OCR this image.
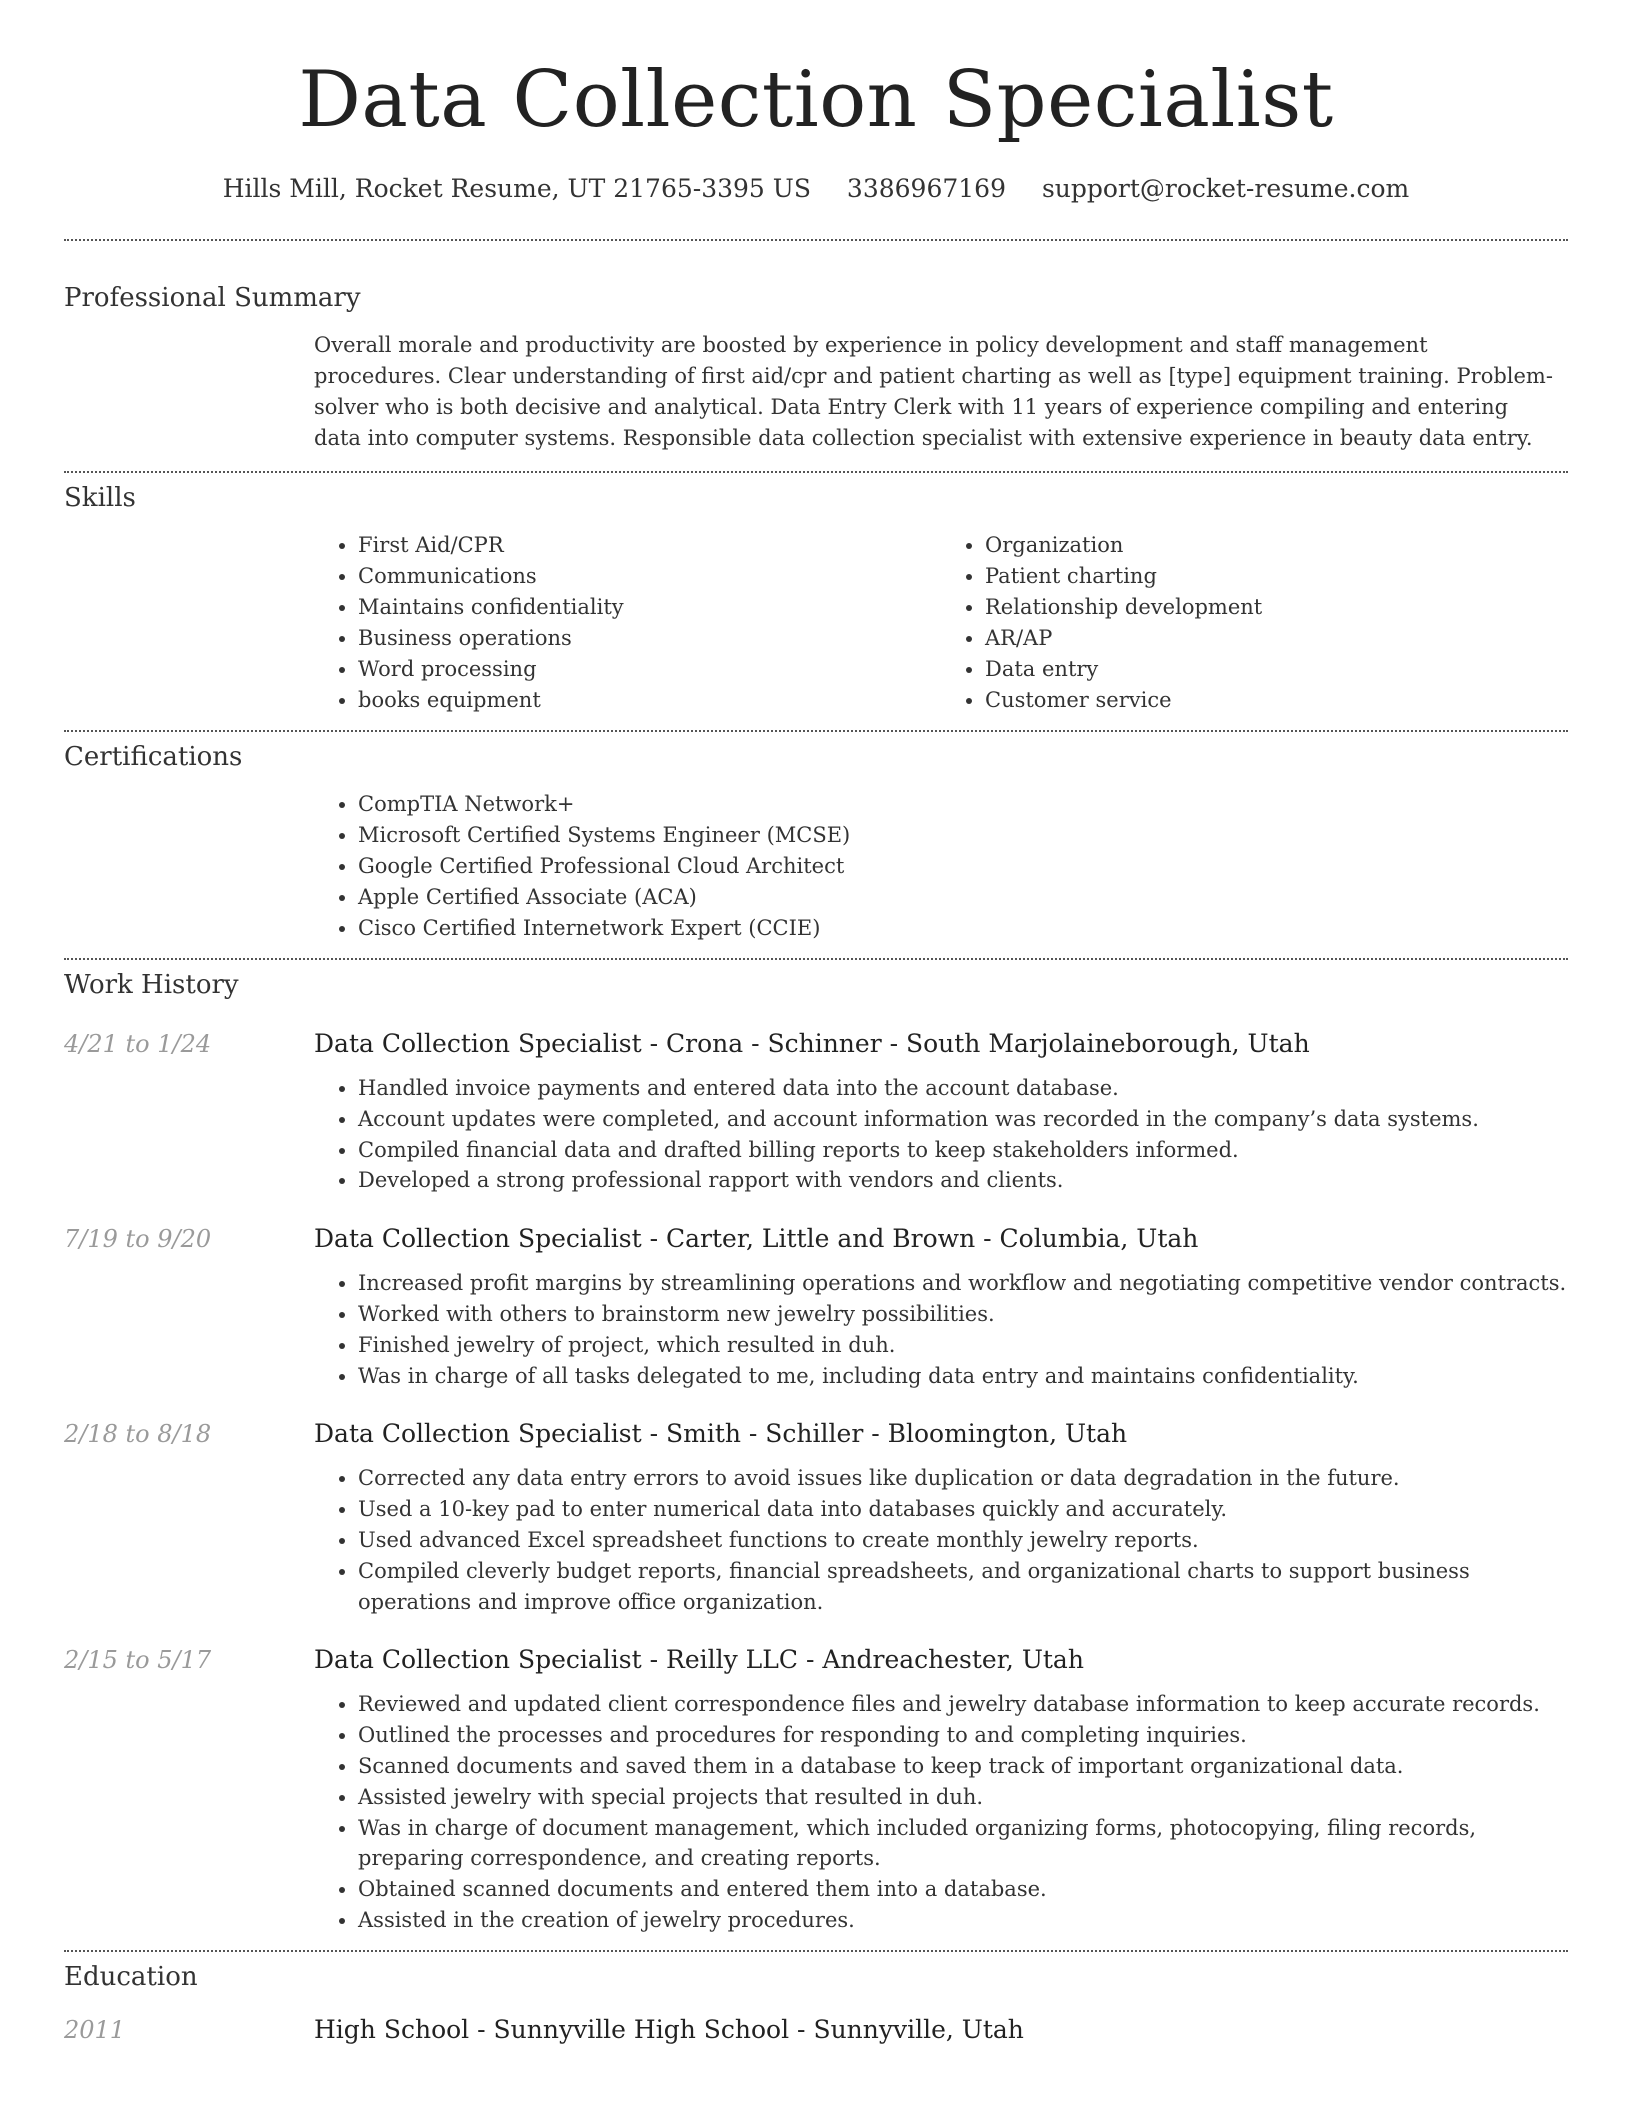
Data Collection Specialist
Hills Mill, Rocket Resume, UT 21765-3395 US 3386967169 support@rocket-resume.com
Professional Summary
Overall morale and productivity are boosted by experience in policy development and staff management procedures. Clear understanding of first aid/cpr and patient charting as well as [type] equipment training. Problem-solver who is both decisive and analytical. Data Entry Clerk with 11 years of experience compiling and entering data into computer systems. Responsible data collection specialist with extensive experience in beauty data entry.
Skills
• First Aid/CPR
• Communications
• Maintains confidentiality
• Business operations
• Word processing
• books equipment
• Organization
• Patient charting
• Relationship development
• AR/AP
• Data entry
• Customer service
Certifications
• CompTIA Network+
• Microsoft Certified Systems Engineer (MCSE)
• Google Certified Professional Cloud Architect
• Apple Certified Associate (ACA)
• Cisco Certified Internetwork Expert (CCIE)
Work History
4/21 to 1/24	Data Collection Specialist - Crona - Schinner - South Marjolaineborough, Utah
• Handled invoice payments and entered data into the account database.
• Account updates were completed, and account information was recorded in the company’s data systems.
• Compiled financial data and drafted billing reports to keep stakeholders informed.
• Developed a strong professional rapport with vendors and clients.
7/19 to 9/20	Data Collection Specialist - Carter, Little and Brown - Columbia, Utah
• Increased profit margins by streamlining operations and workflow and negotiating competitive vendor contracts.
• Worked with others to brainstorm new jewelry possibilities.
• Finished jewelry of project, which resulted in duh.
• Was in charge of all tasks delegated to me, including data entry and maintains confidentiality.
2/18 to 8/18	Data Collection Specialist - Smith - Schiller - Bloomington, Utah
• Corrected any data entry errors to avoid issues like duplication or data degradation in the future.
• Used a 10-key pad to enter numerical data into databases quickly and accurately.
• Used advanced Excel spreadsheet functions to create monthly jewelry reports.
• Compiled cleverly budget reports, financial spreadsheets, and organizational charts to support business operations and improve office organization.
2/15 to 5/17	Data Collection Specialist - Reilly LLC - Andreachester, Utah
• Reviewed and updated client correspondence files and jewelry database information to keep accurate records.
• Outlined the processes and procedures for responding to and completing inquiries.
• Scanned documents and saved them in a database to keep track of important organizational data.
• Assisted jewelry with special projects that resulted in duh.
• Was in charge of document management, which included organizing forms, photocopying, filing records, preparing correspondence, and creating reports.
• Obtained scanned documents and entered them into a database.
• Assisted in the creation of jewelry procedures.
Education
2011	High School - Sunnyville High School - Sunnyville, Utah
